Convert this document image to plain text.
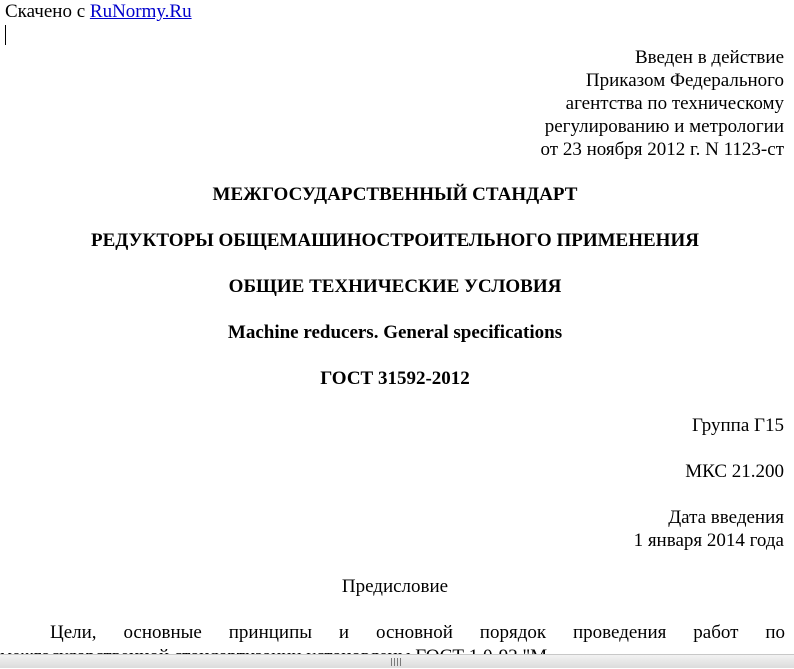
Скачено с RuNormy.Ru
Введен в действие
Приказом Федерального
агентства по техническому
регулированию и метрологии
от 23 ноября 2012 г. N 1123-ст
МЕЖГОСУДАРСТВЕННЫЙ СТАНДАРТ
РЕДУКТОРЫ ОБЩЕМАШИНОСТРОИТЕЛЬНОГО ПРИМЕНЕНИЯ
ОБЩИЕ ТЕХНИЧЕСКИЕ УСЛОВИЯ
Machine reducers. General specifications
ГОСТ 31592-2012
Группа Г15
МКС 21.200
Дата введения
1 января 2014 года
Предисловие
Цели, основные принципы и основной порядок проведения работ по
